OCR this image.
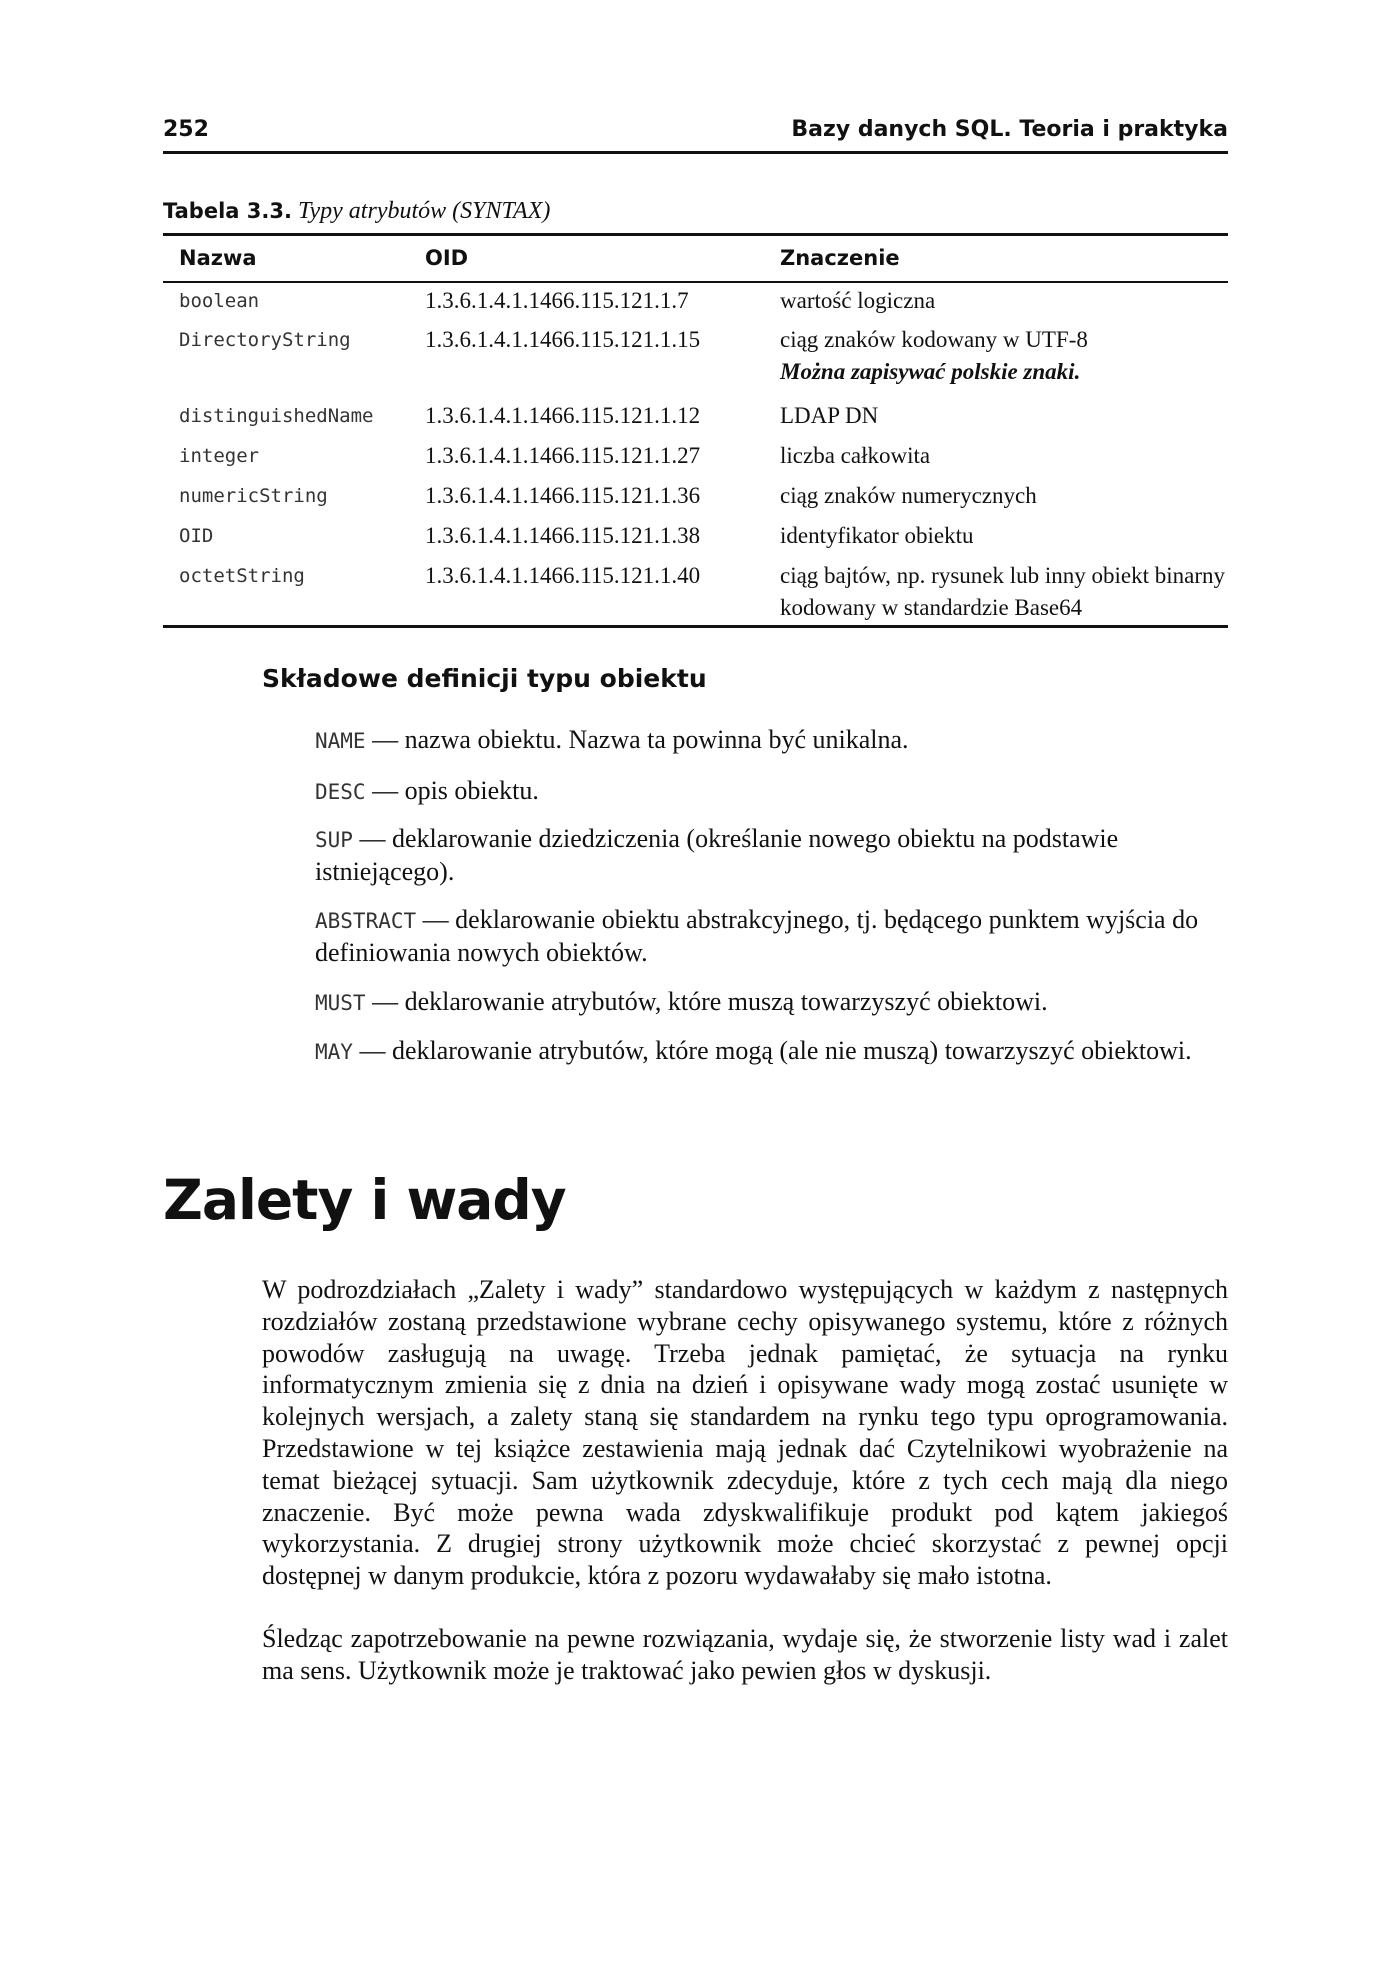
252	Bazy danych SQL. Teoria i praktyka
Tabela 3.3. Typy atrybutów (SYNTAX)
Nazwa	OID	Znaczenie
boolean	1.3.6.1.4.1.1466.115.121.1.7	wartość logiczna
DirectoryString	1.3.6.1.4.1.1466.115.121.1.15	ciąg znaków kodowany w UTF-8
Można zapisywać polskie znaki.
distinguishedName 1.3.6.1.4.1.1466.115.121.1.12	LDAP DN
integer	1.3.6.1.4.1.1466.115.121.1.27	liczba całkowita
numericString	1.3.6.1.4.1.1466.115.121.1.36	ciąg znaków numerycznych
OID	1.3.6.1.4.1.1466.115.121.1.38	identyfikator obiektu
octetString	1.3.6.1.4.1.1466.115.121.1.40	ciąg bajtów, np. rysunek lub inny obiekt binarny kodowany w standardzie Base64
Składowe definicji typu obiektu
NAME — nazwa obiektu. Nazwa ta powinna być unikalna.
DESC — opis obiektu.
SUP — deklarowanie dziedziczenia (określanie nowego obiektu na podstawie istniejącego).
ABSTRACT — deklarowanie obiektu abstrakcyjnego, tj. będącego punktem wyjścia do definiowania nowych obiektów.
MUST — deklarowanie atrybutów, które muszą towarzyszyć obiektowi.
MAY — deklarowanie atrybutów, które mogą (ale nie muszą) towarzyszyć obiektowi.
Zalety i wady
W podrozdziałach „Zalety i wady” standardowo występujących w każdym z następnych rozdziałów zostaną przedstawione wybrane cechy opisywanego systemu, które z różnych powodów zasługują na uwagę. Trzeba jednak pamiętać, że sytuacja na rynku informatycznym zmienia się z dnia na dzień i opisywane wady mogą zostać usunięte w kolejnych wersjach, a zalety staną się standardem na rynku tego typu oprogramowania. Przedstawione w tej książce zestawienia mają jednak dać Czytelnikowi wyobrażenie na temat bieżącej sytuacji. Sam użytkownik zdecyduje, które z tych cech mają dla niego znaczenie. Być może pewna wada zdyskwalifikuje produkt pod kątem jakiegoś wykorzystania. Z drugiej strony użytkownik może chcieć skorzystać z pewnej opcji dostępnej w danym produkcie, która z pozoru wydawałaby się mało istotna.
Śledząc zapotrzebowanie na pewne rozwiązania, wydaje się, że stworzenie listy wad i zalet ma sens. Użytkownik może je traktować jako pewien głos w dyskusji.
